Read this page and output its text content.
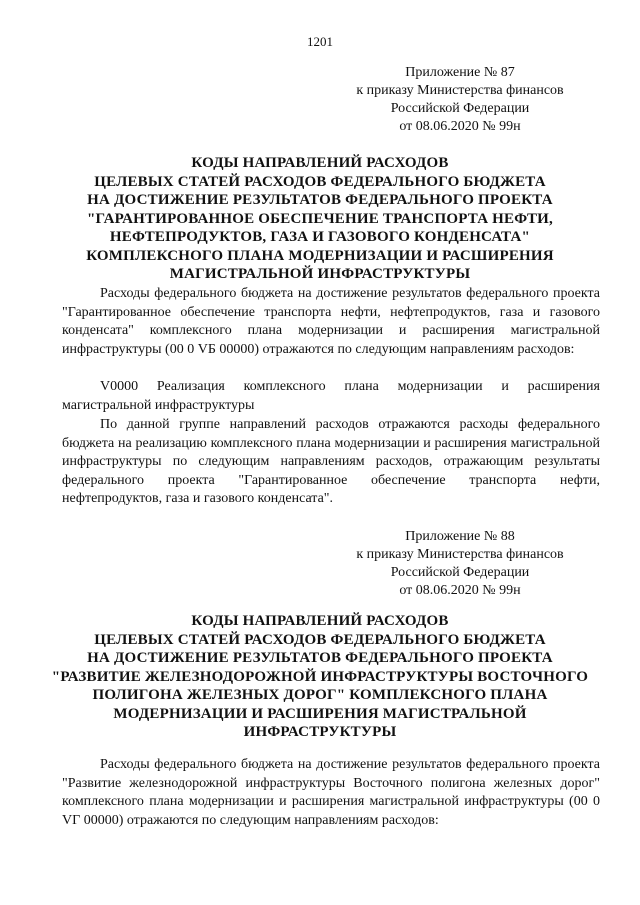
1201
Приложение № 87
к приказу Министерства финансов
Российской Федерации
от 08.06.2020 № 99н
КОДЫ НАПРАВЛЕНИЙ РАСХОДОВ
ЦЕЛЕВЫХ СТАТЕЙ РАСХОДОВ ФЕДЕРАЛЬНОГО БЮДЖЕТА
НА ДОСТИЖЕНИЕ РЕЗУЛЬТАТОВ ФЕДЕРАЛЬНОГО ПРОЕКТА
"ГАРАНТИРОВАННОЕ ОБЕСПЕЧЕНИЕ ТРАНСПОРТА НЕФТИ,
НЕФТЕПРОДУКТОВ, ГАЗА И ГАЗОВОГО КОНДЕНСАТА"
КОМПЛЕКСНОГО ПЛАНА МОДЕРНИЗАЦИИ И РАСШИРЕНИЯ
МАГИСТРАЛЬНОЙ ИНФРАСТРУКТУРЫ

Расходы федерального бюджета на достижение результатов федерального проекта "Гарантированное обеспечение транспорта нефти, нефтепродуктов, газа и газового конденсата" комплексного плана модернизации и расширения магистральной инфраструктуры (00 0 VБ 00000) отражаются по следующим направлениям расходов:

V0000 Реализация комплексного плана модернизации и расширения магистральной инфраструктуры

По данной группе направлений расходов отражаются расходы федерального бюджета на реализацию комплексного плана модернизации и расширения магистральной инфраструктуры по следующим направлениям расходов, отражающим результаты федерального проекта "Гарантированное обеспечение транспорта нефти, нефтепродуктов, газа и газового конденсата".

Приложение № 88
к приказу Министерства финансов
Российской Федерации
от 08.06.2020 № 99н
КОДЫ НАПРАВЛЕНИЙ РАСХОДОВ
ЦЕЛЕВЫХ СТАТЕЙ РАСХОДОВ ФЕДЕРАЛЬНОГО БЮДЖЕТА
НА ДОСТИЖЕНИЕ РЕЗУЛЬТАТОВ ФЕДЕРАЛЬНОГО ПРОЕКТА
"РАЗВИТИЕ ЖЕЛЕЗНОДОРОЖНОЙ ИНФРАСТРУКТУРЫ ВОСТОЧНОГО
ПОЛИГОНА ЖЕЛЕЗНЫХ ДОРОГ" КОМПЛЕКСНОГО ПЛАНА
МОДЕРНИЗАЦИИ И РАСШИРЕНИЯ МАГИСТРАЛЬНОЙ
ИНФРАСТРУКТУРЫ

Расходы федерального бюджета на достижение результатов федерального проекта "Развитие железнодорожной инфраструктуры Восточного полигона железных дорог" комплексного плана модернизации и расширения магистральной инфраструктуры (00 0 VГ 00000) отражаются по следующим направлениям расходов:
